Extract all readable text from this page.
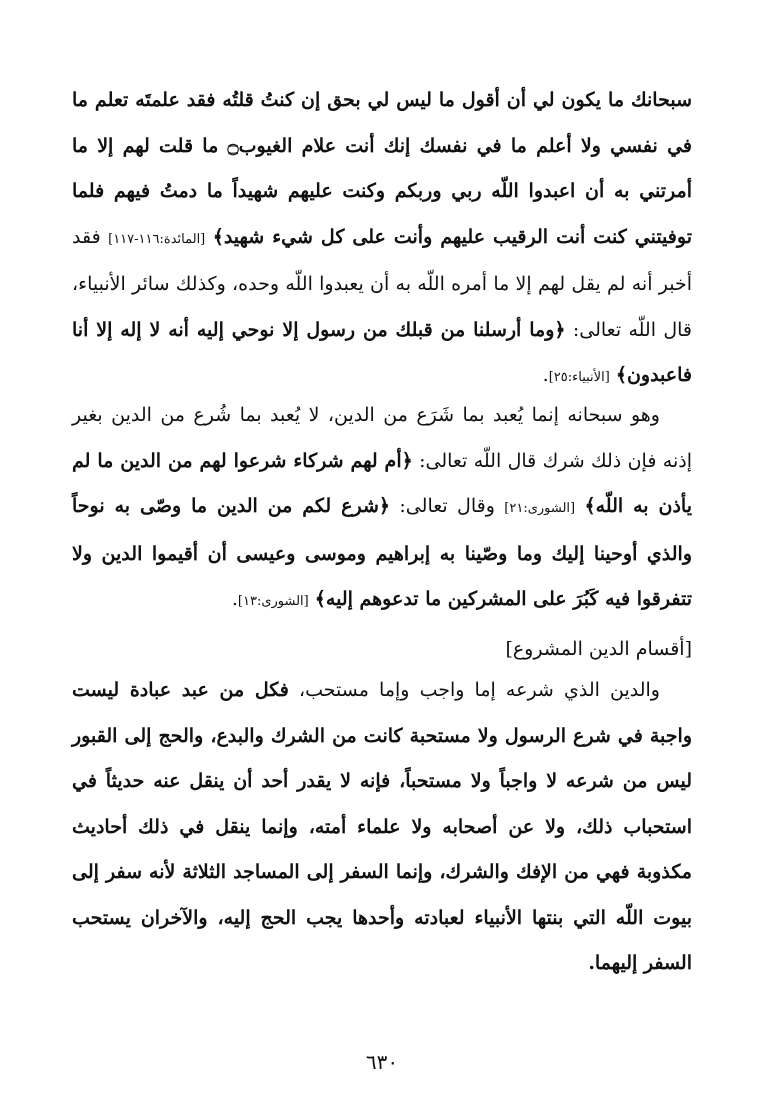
سبحانك ما يكون لي أن أقول ما ليس لي بحق إن كنتُ قلتُه فقد علمتَه تعلم ما في نفسي ولا أعلم ما في نفسك إنك أنت علام الغيوب۝ ما قلت لهم إلا ما أمرتني به أن اعبدوا اللّه ربي وربكم وكنت عليهم شهيداً ما دمتُ فيهم فلما توفيتني كنت أنت الرقيب عليهم وأنت على كل شيء شهيد﴾ [المائدة:١١٦-١١٧] فقد أخبر أنه لم يقل لهم إلا ما أمره اللّه به أن يعبدوا اللّه وحده، وكذلك سائر الأنبياء، قال اللّه تعالى: ﴿وما أرسلنا من قبلك من رسول إلا نوحي إليه أنه لا إله إلا أنا فاعبدون﴾ [الأنبياء:٢٥].
وهو سبحانه إنما يُعبد بما شَرَع من الدين، لا يُعبد بما شُرع من الدين بغير إذنه فإن ذلك شرك قال اللّه تعالى: ﴿أم لهم شركاء شرعوا لهم من الدين ما لم يأذن به اللّه﴾ [الشورى:٢١] وقال تعالى: ﴿شرع لكم من الدين ما وصّى به نوحاً والذي أوحينا إليك وما وصّينا به إبراهيم وموسى وعيسى أن أقيموا الدين ولا تتفرقوا فيه كَبُرَ على المشركين ما تدعوهم إليه﴾ [الشورى:١٣].
[أقسام الدين المشروع]
والدين الذي شرعه إما واجب وإما مستحب، فكل من عبد عبادة ليست واجبة في شرع الرسول ولا مستحبة كانت من الشرك والبدع، والحج إلى القبور ليس من شرعه لا واجباً ولا مستحباً، فإنه لا يقدر أحد أن ينقل عنه حديثاً في استحباب ذلك، ولا عن أصحابه ولا علماء أمته، وإنما ينقل في ذلك أحاديث مكذوبة فهي من الإفك والشرك، وإنما السفر إلى المساجد الثلاثة لأنه سفر إلى بيوت اللّه التي بنتها الأنبياء لعبادته وأحدها يجب الحج إليه، والآخران يستحب السفر إليهما.
٦٣٠
